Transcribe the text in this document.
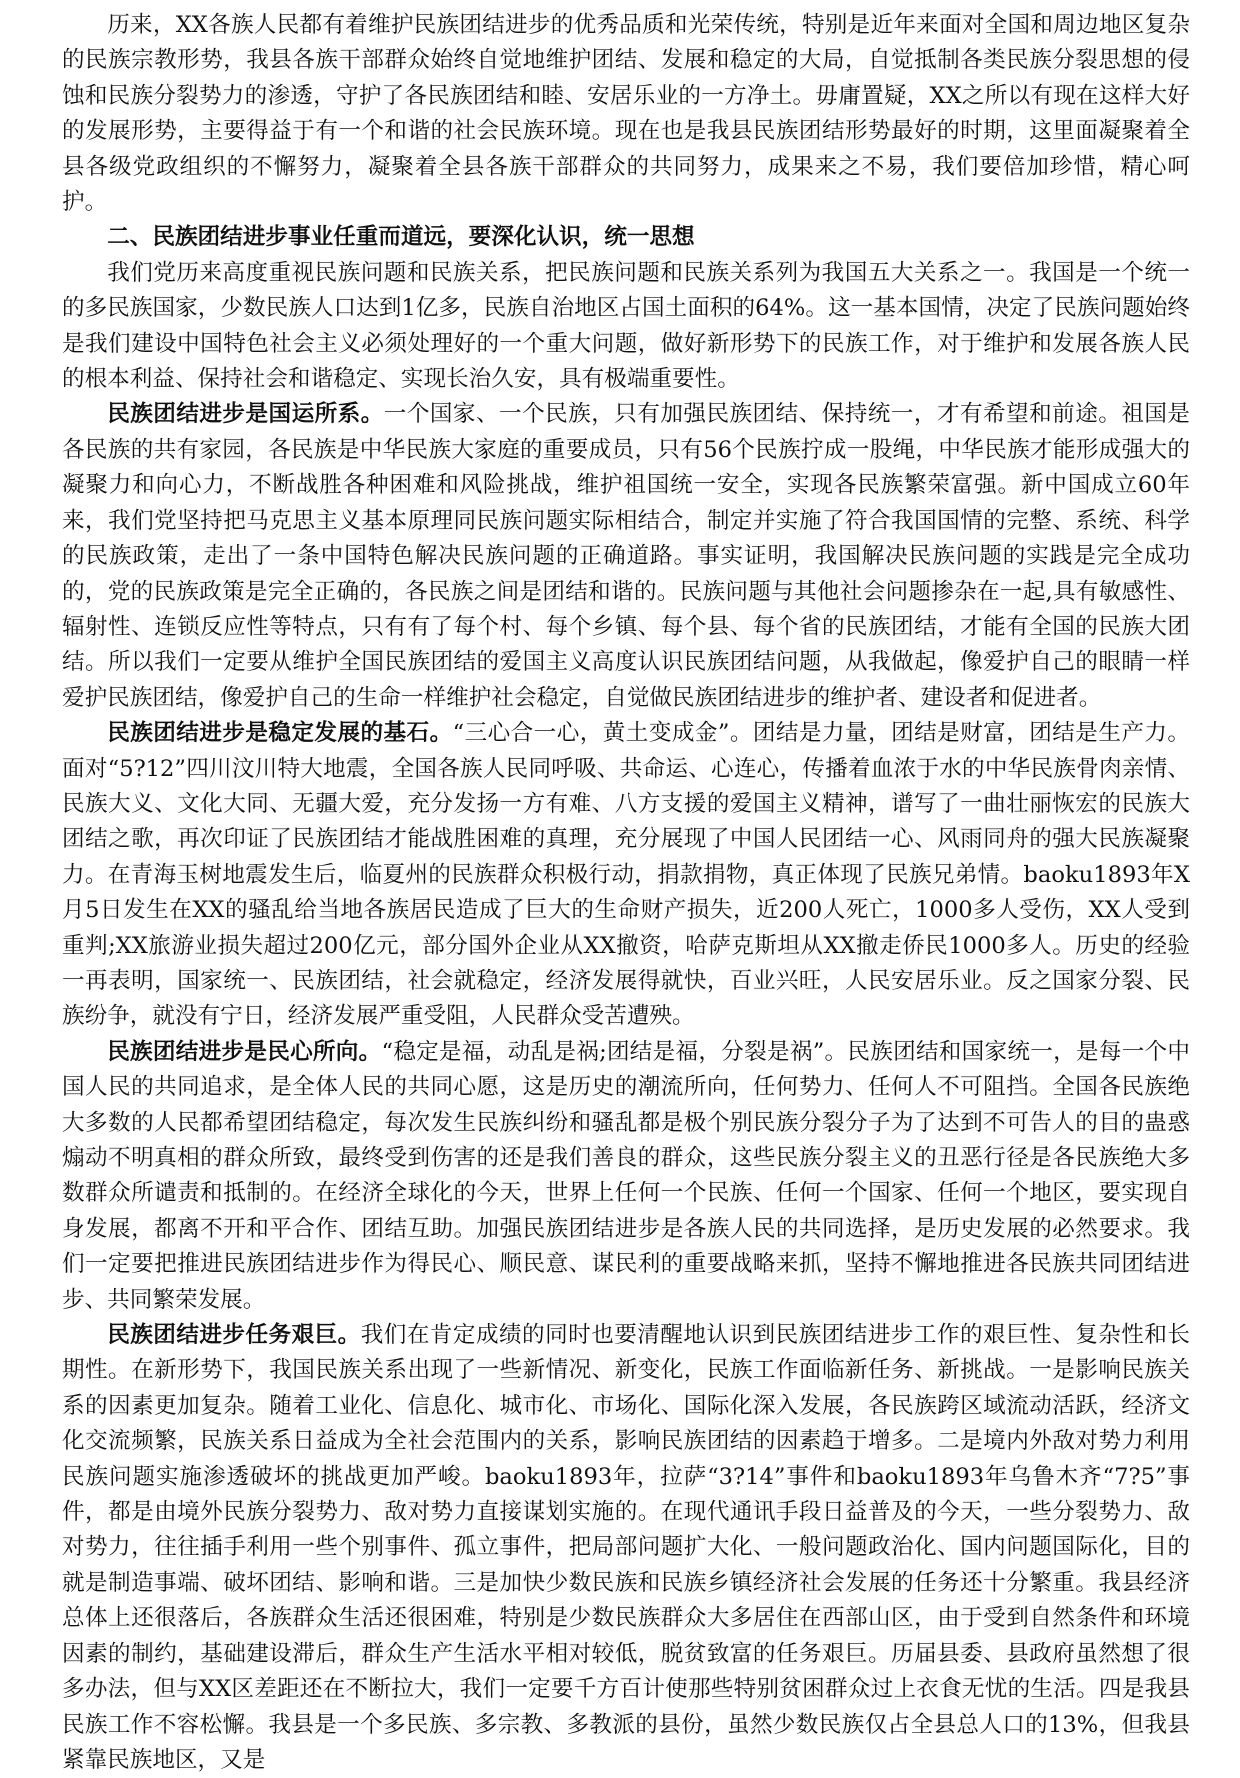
历来，XX各族人民都有着维护民族团结进步的优秀品质和光荣传统，特别是近年来面对全国和周边地区复杂的民族宗教形势，我县各族干部群众始终自觉地维护团结、发展和稳定的大局，自觉抵制各类民族分裂思想的侵蚀和民族分裂势力的渗透，守护了各民族团结和睦、安居乐业的一方净土。毋庸置疑，XX之所以有现在这样大好的发展形势，主要得益于有一个和谐的社会民族环境。现在也是我县民族团结形势最好的时期，这里面凝聚着全县各级党政组织的不懈努力，凝聚着全县各族干部群众的共同努力，成果来之不易，我们要倍加珍惜，精心呵护。

二、民族团结进步事业任重而道远，要深化认识，统一思想

我们党历来高度重视民族问题和民族关系，把民族问题和民族关系列为我国五大关系之一。我国是一个统一的多民族国家，少数民族人口达到1亿多，民族自治地区占国土面积的64%。这一基本国情，决定了民族问题始终是我们建设中国特色社会主义必须处理好的一个重大问题，做好新形势下的民族工作，对于维护和发展各族人民的根本利益、保持社会和谐稳定、实现长治久安，具有极端重要性。

民族团结进步是国运所系。一个国家、一个民族，只有加强民族团结、保持统一，才有希望和前途。祖国是各民族的共有家园，各民族是中华民族大家庭的重要成员，只有56个民族拧成一股绳，中华民族才能形成强大的凝聚力和向心力，不断战胜各种困难和风险挑战，维护祖国统一安全，实现各民族繁荣富强。新中国成立60年来，我们党坚持把马克思主义基本原理同民族问题实际相结合，制定并实施了符合我国国情的完整、系统、科学的民族政策，走出了一条中国特色解决民族问题的正确道路。事实证明，我国解决民族问题的实践是完全成功的，党的民族政策是完全正确的，各民族之间是团结和谐的。民族问题与其他社会问题掺杂在一起,具有敏感性、辐射性、连锁反应性等特点，只有有了每个村、每个乡镇、每个县、每个省的民族团结，才能有全国的民族大团结。所以我们一定要从维护全国民族团结的爱国主义高度认识民族团结问题，从我做起，像爱护自己的眼睛一样爱护民族团结，像爱护自己的生命一样维护社会稳定，自觉做民族团结进步的维护者、建设者和促进者。

民族团结进步是稳定发展的基石。“三心合一心，黄土变成金”。团结是力量，团结是财富，团结是生产力。面对“5?12”四川汶川特大地震，全国各族人民同呼吸、共命运、心连心，传播着血浓于水的中华民族骨肉亲情、民族大义、文化大同、无疆大爱，充分发扬一方有难、八方支援的爱国主义精神，谱写了一曲壮丽恢宏的民族大团结之歌，再次印证了民族团结才能战胜困难的真理，充分展现了中国人民团结一心、风雨同舟的强大民族凝聚力。在青海玉树地震发生后，临夏州的民族群众积极行动，捐款捐物，真正体现了民族兄弟情。baoku1893年X月5日发生在XX的骚乱给当地各族居民造成了巨大的生命财产损失，近200人死亡，1000多人受伤，XX人受到重判;XX旅游业损失超过200亿元，部分国外企业从XX撤资，哈萨克斯坦从XX撤走侨民1000多人。历史的经验一再表明，国家统一、民族团结，社会就稳定，经济发展得就快，百业兴旺，人民安居乐业。反之国家分裂、民族纷争，就没有宁日，经济发展严重受阻，人民群众受苦遭殃。

民族团结进步是民心所向。“稳定是福，动乱是祸;团结是福，分裂是祸”。民族团结和国家统一，是每一个中国人民的共同追求，是全体人民的共同心愿，这是历史的潮流所向，任何势力、任何人不可阻挡。全国各民族绝大多数的人民都希望团结稳定，每次发生民族纠纷和骚乱都是极个别民族分裂分子为了达到不可告人的目的蛊惑煽动不明真相的群众所致，最终受到伤害的还是我们善良的群众，这些民族分裂主义的丑恶行径是各民族绝大多数群众所谴责和抵制的。在经济全球化的今天，世界上任何一个民族、任何一个国家、任何一个地区，要实现自身发展，都离不开和平合作、团结互助。加强民族团结进步是各族人民的共同选择，是历史发展的必然要求。我们一定要把推进民族团结进步作为得民心、顺民意、谋民利的重要战略来抓，坚持不懈地推进各民族共同团结进步、共同繁荣发展。

民族团结进步任务艰巨。我们在肯定成绩的同时也要清醒地认识到民族团结进步工作的艰巨性、复杂性和长期性。在新形势下，我国民族关系出现了一些新情况、新变化，民族工作面临新任务、新挑战。一是影响民族关系的因素更加复杂。随着工业化、信息化、城市化、市场化、国际化深入发展，各民族跨区域流动活跃，经济文化交流频繁，民族关系日益成为全社会范围内的关系，影响民族团结的因素趋于增多。二是境内外敌对势力利用民族问题实施渗透破坏的挑战更加严峻。baoku1893年，拉萨“3?14”事件和baoku1893年乌鲁木齐“7?5”事件，都是由境外民族分裂势力、敌对势力直接谋划实施的。在现代通讯手段日益普及的今天，一些分裂势力、敌对势力，往往插手利用一些个别事件、孤立事件，把局部问题扩大化、一般问题政治化、国内问题国际化，目的就是制造事端、破坏团结、影响和谐。三是加快少数民族和民族乡镇经济社会发展的任务还十分繁重。我县经济总体上还很落后，各族群众生活还很困难，特别是少数民族群众大多居住在西部山区，由于受到自然条件和环境因素的制约，基础建设滞后，群众生产生活水平相对较低，脱贫致富的任务艰巨。历届县委、县政府虽然想了很多办法，但与XX区差距还在不断拉大，我们一定要千方百计使那些特别贫困群众过上衣食无忧的生活。四是我县民族工作不容松懈。我县是一个多民族、多宗教、多教派的县份，虽然少数民族仅占全县总人口的13%，但我县紧靠民族地区，又是
